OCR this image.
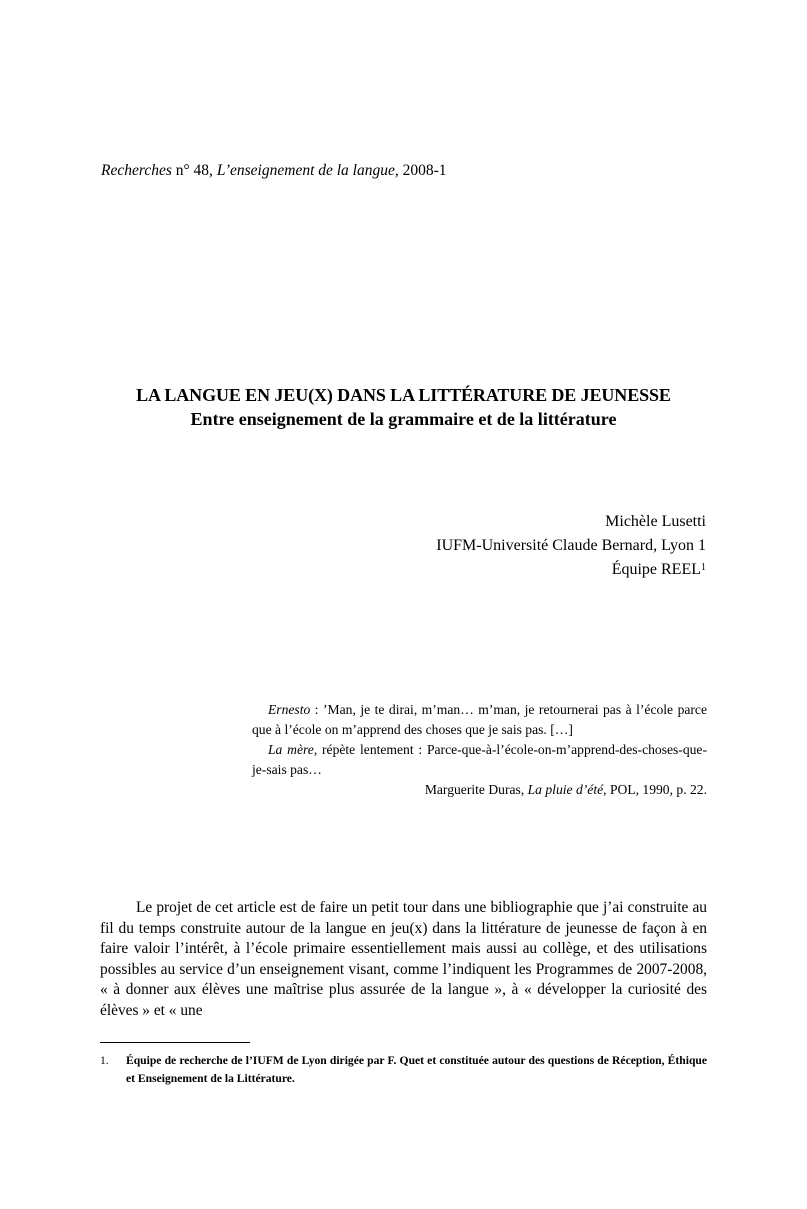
Recherches n° 48, L’enseignement de la langue, 2008-1
LA LANGUE EN JEU(X) DANS LA LITTÉRATURE DE JEUNESSE
Entre enseignement de la grammaire et de la littérature
Michèle Lusetti
IUFM-Université Claude Bernard, Lyon 1
Équipe REEL$^1$

Ernesto : ’Man, je te dirai, m’man… m’man, je retournerai pas à l’école parce que à l’école on m’apprend des choses que je sais pas. […]

La mère, répète lentement : Parce-que-à-l’école-on-m’apprend-des-choses-que-je-sais pas…

Marguerite Duras, La pluie d’été, POL, 1990, p. 22.

Le projet de cet article est de faire un petit tour dans une bibliographie que j’ai construite au fil du temps construite autour de la langue en jeu(x) dans la littérature de jeunesse de façon à en faire valoir l’intérêt, à l’école primaire essentiellement mais aussi au collège, et des utilisations possibles au service d’un enseignement visant, comme l’indiquent les Programmes de 2007-2008, « à donner aux élèves une maîtrise plus assurée de la langue », à « développer la curiosité des élèves » et « une

1. Équipe de recherche de l’IUFM de Lyon dirigée par F. Quet et constituée autour des questions de Réception, Éthique et Enseignement de la Littérature.
